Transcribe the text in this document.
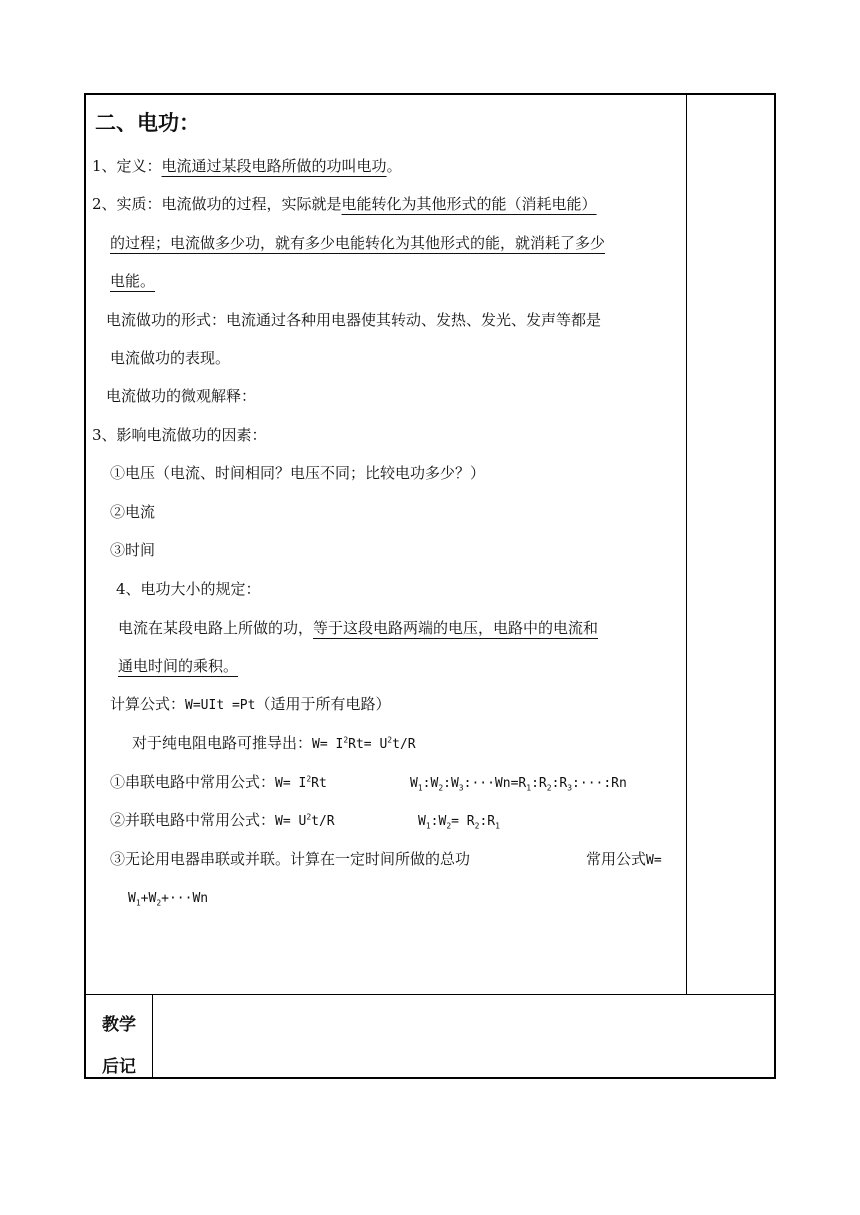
二、电功：
1、定义：电流通过某段电路所做的功叫电功。
2、实质：电流做功的过程，实际就是电能转化为其他形式的能（消耗电能）
的过程；电流做多少功，就有多少电能转化为其他形式的能，就消耗了多少
电能。
电流做功的形式：电流通过各种用电器使其转动、发热、发光、发声等都是
电流做功的表现。
电流做功的微观解释：
3、影响电流做功的因素：
①电压（电流、时间相同？电压不同；比较电功多少？）
②电流
③时间
4、电功大小的规定：
电流在某段电路上所做的功，等于这段电路两端的电压，电路中的电流和
通电时间的乘积。
计算公式：W=UIt =Pt（适用于所有电路）
对于纯电阻电路可推导出：$W= I^2Rt= U^2t/R$
①串联电路中常用公式：$W= I^2Rt$	$W_1:W_2:W_3:\cdot\cdot\cdot Wn=R_1:R_2:R_3:\cdot\cdot\cdot:Rn$
②并联电路中常用公式：$W= U^2t/R$	$W_1:W_2=$ $R_2:R_1$
③无论用电器串联或并联。计算在一定时间所做的总功	常用公式W=
$W_1+W_2+\cdot\cdot\cdot Wn$
教学
后记
